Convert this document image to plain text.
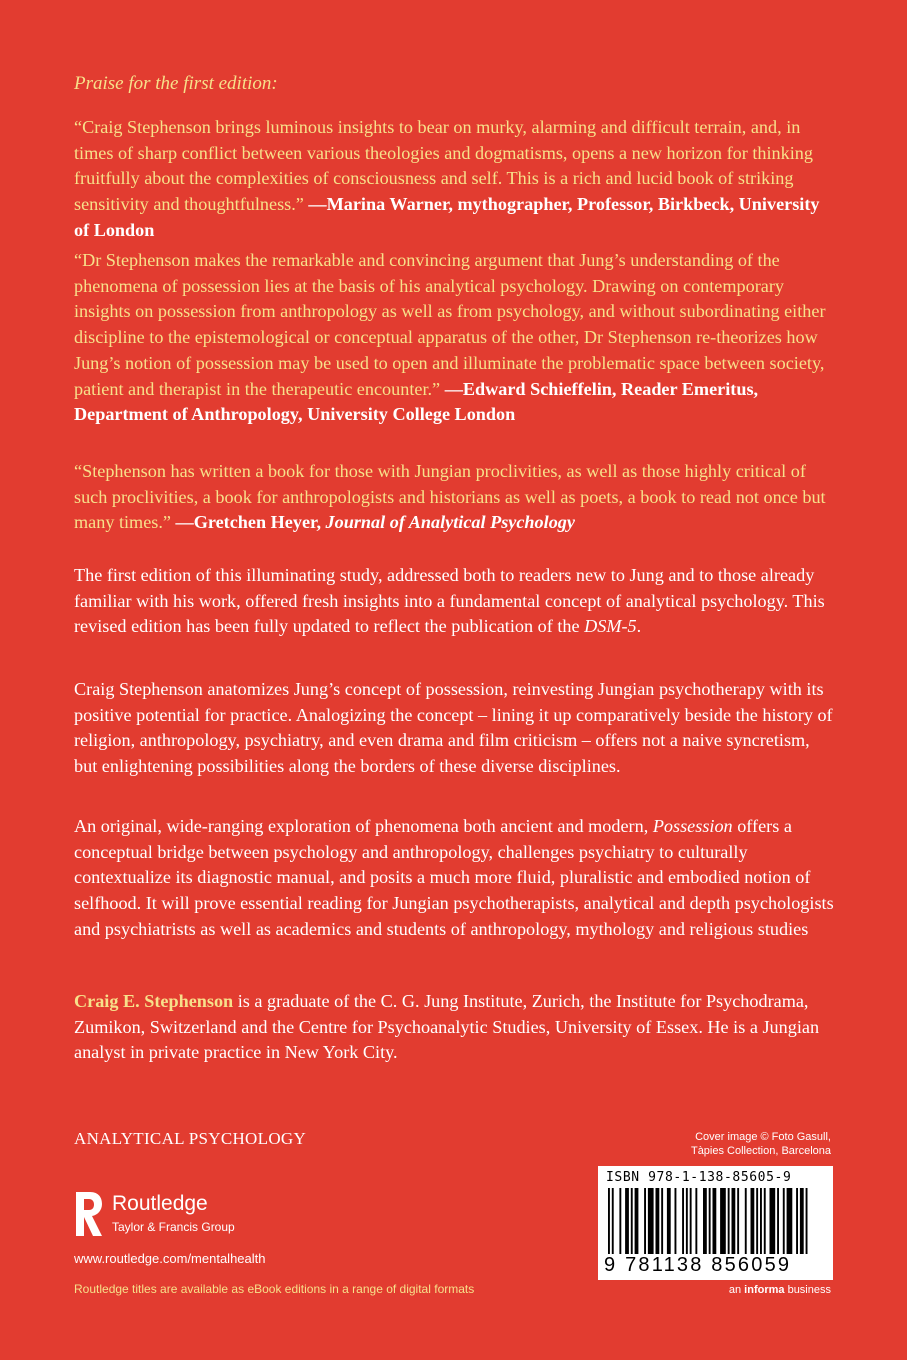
Praise for the first edition:

“Craig Stephenson brings luminous insights to bear on murky, alarming and difficult terrain, and, in times of sharp conflict between various theologies and dogmatisms, opens a new horizon for thinking fruitfully about the complexities of consciousness and self. This is a rich and lucid book of striking sensitivity and thoughtfulness.” —Marina Warner, mythographer, Professor, Birkbeck, University of London

“Dr Stephenson makes the remarkable and convincing argument that Jung’s understanding of the phenomena of possession lies at the basis of his analytical psychology. Drawing on contemporary insights on possession from anthropology as well as from psychology, and without subordinating either discipline to the epistemological or conceptual apparatus of the other, Dr Stephenson re-theorizes how Jung’s notion of possession may be used to open and illuminate the problematic space between society, patient and therapist in the therapeutic encounter.” —Edward Schieffelin, Reader Emeritus, Department of Anthropology, University College London

“Stephenson has written a book for those with Jungian proclivities, as well as those highly critical of such proclivities, a book for anthropologists and historians as well as poets, a book to read not once but many times.” —Gretchen Heyer, Journal of Analytical Psychology

The first edition of this illuminating study, addressed both to readers new to Jung and to those already familiar with his work, offered fresh insights into a fundamental concept of analytical psychology. This revised edition has been fully updated to reflect the publication of the DSM-5.

Craig Stephenson anatomizes Jung’s concept of possession, reinvesting Jungian psychotherapy with its positive potential for practice. Analogizing the concept – lining it up comparatively beside the history of religion, anthropology, psychiatry, and even drama and film criticism – offers not a naive syncretism, but enlightening possibilities along the borders of these diverse disciplines.

An original, wide-ranging exploration of phenomena both ancient and modern, Possession offers a conceptual bridge between psychology and anthropology, challenges psychiatry to culturally contextualize its diagnostic manual, and posits a much more fluid, pluralistic and embodied notion of selfhood. It will prove essential reading for Jungian psychotherapists, analytical and depth psychologists and psychiatrists as well as academics and students of anthropology, mythology and religious studies

Craig E. Stephenson is a graduate of the C. G. Jung Institute, Zurich, the Institute for Psychodrama, Zumikon, Switzerland and the Centre for Psychoanalytic Studies, University of Essex. He is a Jungian analyst in private practice in New York City.

ANALYTICAL PSYCHOLOGY

Routledge
Taylor & Francis Group

www.routledge.com/mentalhealth

Routledge titles are available as eBook editions in a range of digital formats

Cover image © Foto Gasull,
Tàpies Collection, Barcelona

ISBN 978-1-138-85605-9
9 781138 856059

an informa business
